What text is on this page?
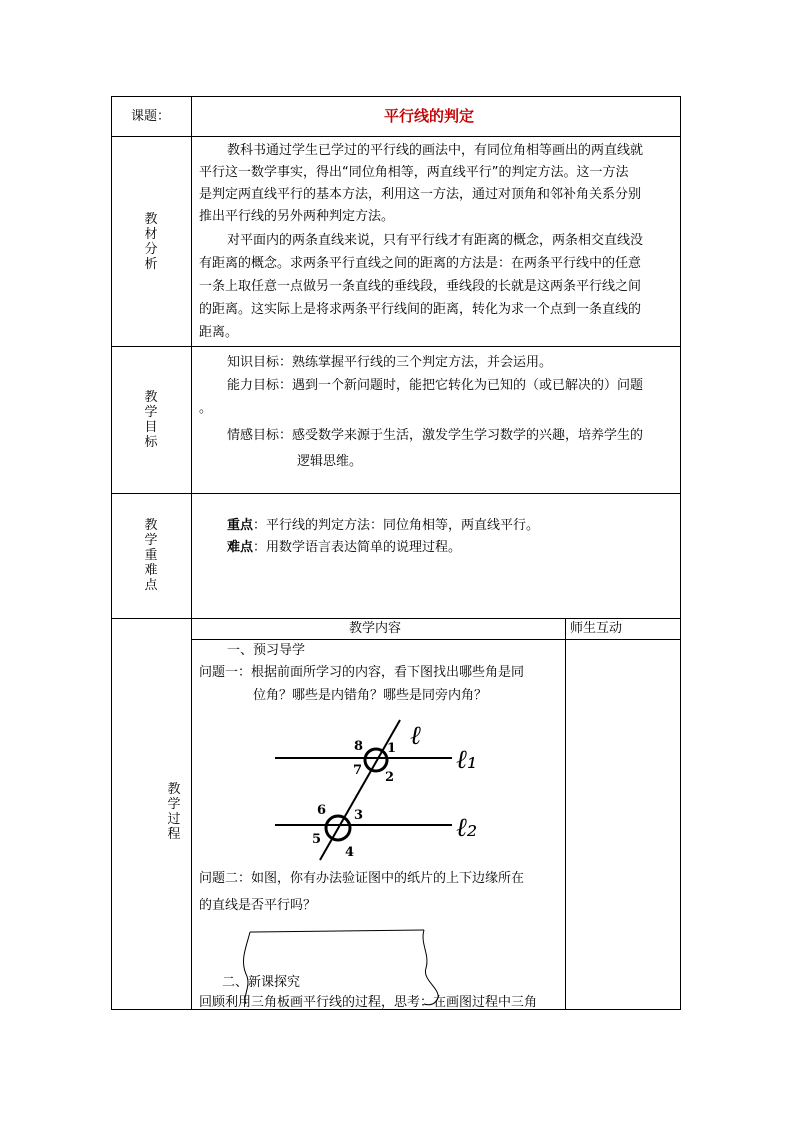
课题：	平行线的判定
教
材
分
析
教科书通过学生已学过的平行线的画法中，有同位角相等画出的两直线就
平行这一数学事实，得出“同位角相等，两直线平行”的判定方法。这一方法
是判定两直线平行的基本方法，利用这一方法，通过对顶角和邻补角关系分别
推出平行线的另外两种判定方法。
对平面内的两条直线来说，只有平行线才有距离的概念，两条相交直线没
有距离的概念。求两条平行直线之间的距离的方法是：在两条平行线中的任意
一条上取任意一点做另一条直线的垂线段，垂线段的长就是这两条平行线之间
的距离。这实际上是将求两条平行线间的距离，转化为求一个点到一条直线的
距离。
教
学
目
标
知识目标：熟练掌握平行线的三个判定方法，并会运用。
能力目标：遇到一个新问题时，能把它转化为已知的（或已解决的）问题
。
情感目标：感受数学来源于生活，激发学生学习数学的兴趣，培养学生的
逻辑思维。
教
学
重
难
点
重点：平行线的判定方法：同位角相等，两直线平行。
难点：用数学语言表达简单的说理过程。
教
学
过
程
教学内容	师生互动
一、预习导学
问题一：根据前面所学习的内容，看下图找出哪些角是同
位角？哪些是内错角？哪些是同旁内角？
8 1
7 2
6 3
5
4
ℓ
ℓ₁
ℓ₂
问题二：如图，你有办法验证图中的纸片的上下边缘所在
的直线是否平行吗？
二、新课探究
回顾利用三角板画平行线的过程，思考：在画图过程中三角
